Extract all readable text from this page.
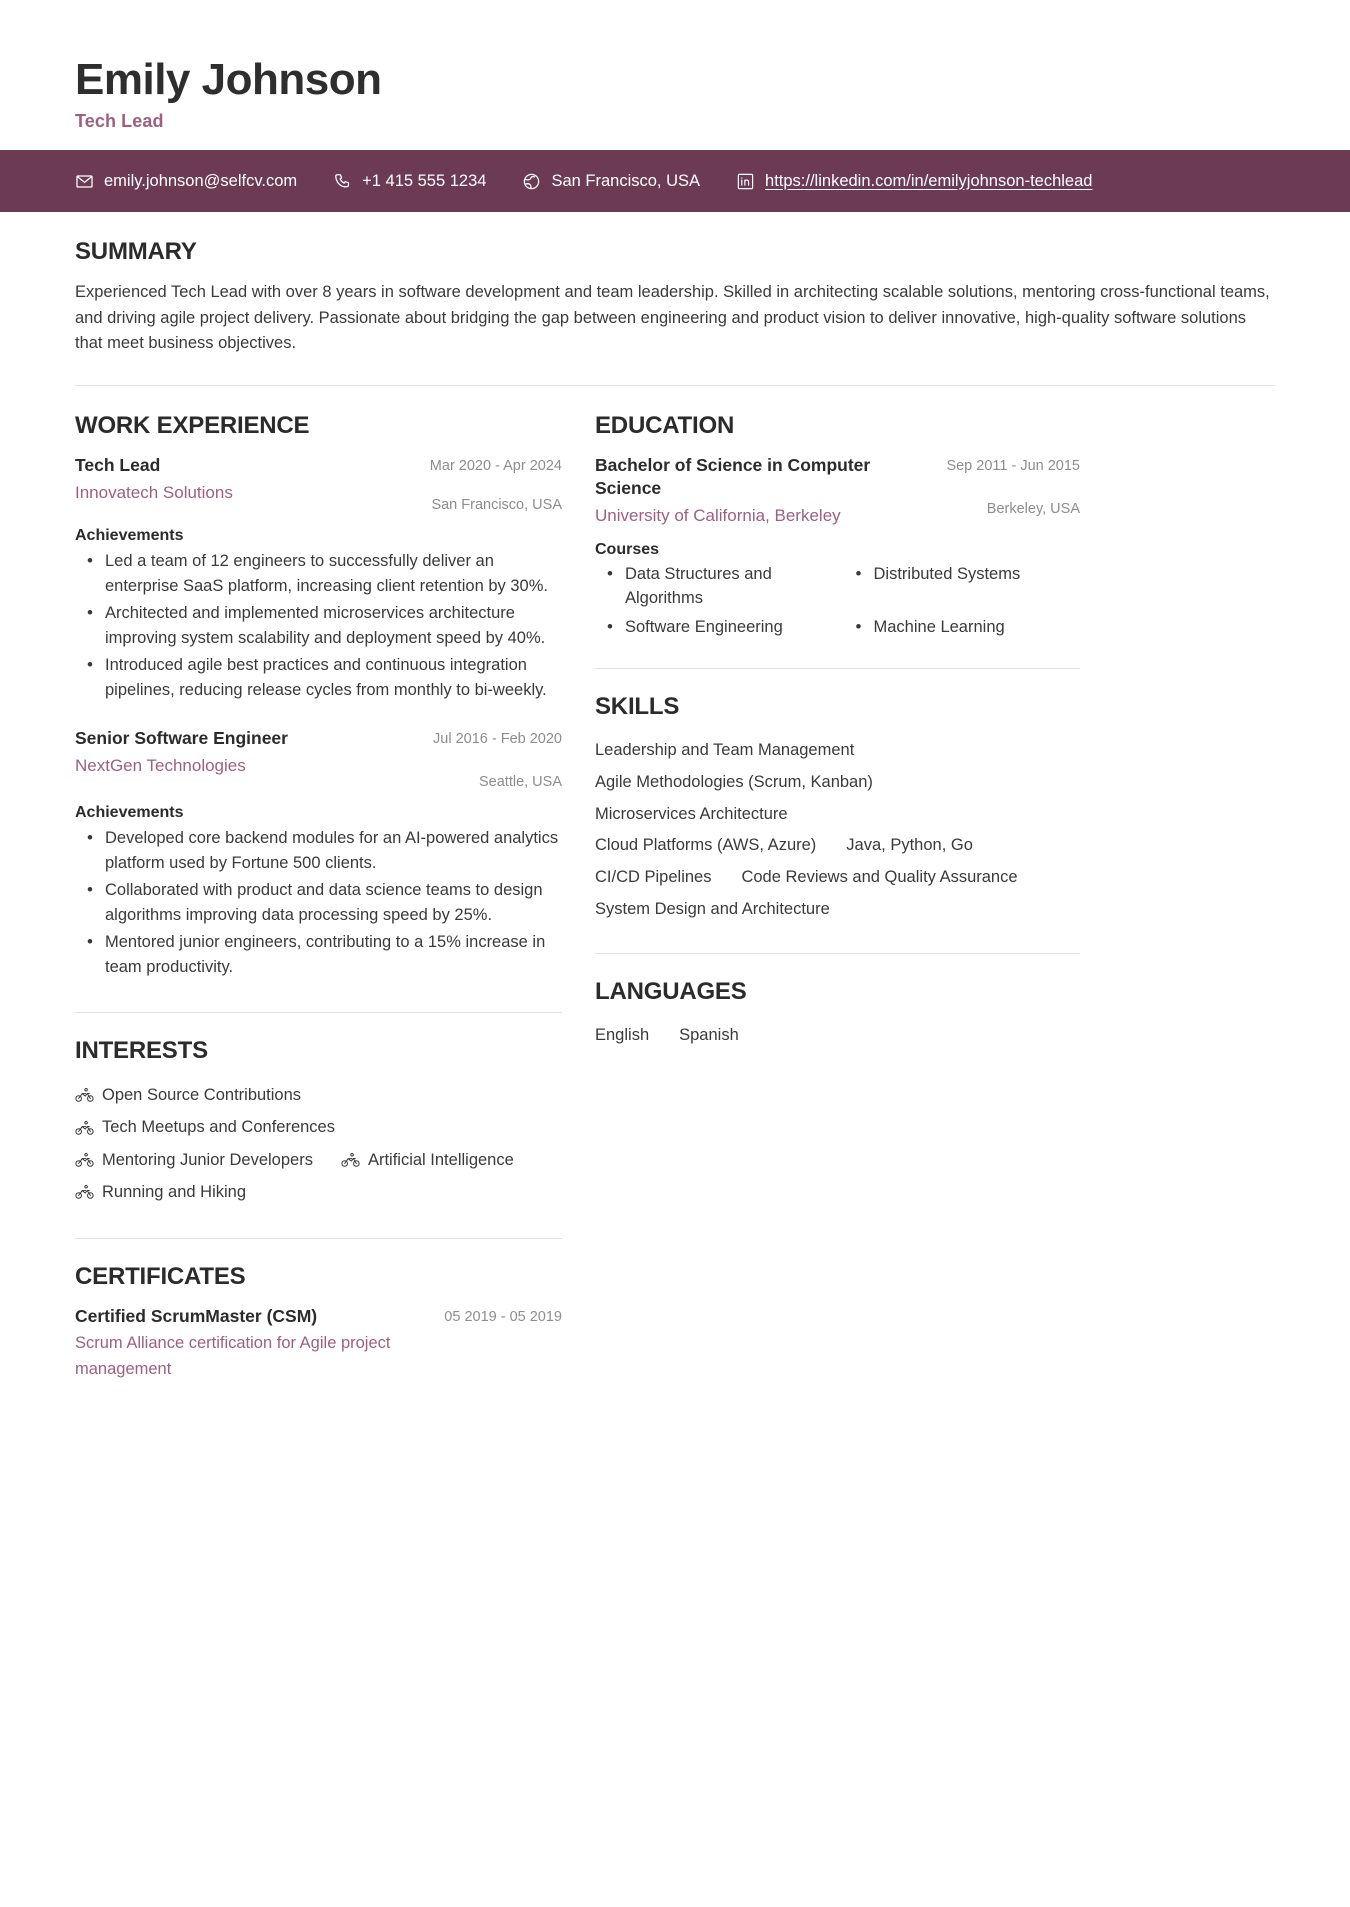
Emily Johnson
Tech Lead
emily.johnson@selfcv.com	+1 415 555 1234	San Francisco, USA	https://linkedin.com/in/emilyjohnson-techlead
SUMMARY

Experienced Tech Lead with over 8 years in software development and team leadership. Skilled in architecting scalable solutions, mentoring cross-functional teams, and driving agile project delivery. Passionate about bridging the gap between engineering and product vision to deliver innovative, high-quality software solutions that meet business objectives.

WORK EXPERIENCE
Tech Lead
Innovatech Solutions
Mar 2020 - Apr 2024
San Francisco, USA
Achievements
• Led a team of 12 engineers to successfully deliver an enterprise SaaS platform, increasing client retention by 30%.
• Architected and implemented microservices architecture improving system scalability and deployment speed by 40%.
• Introduced agile best practices and continuous integration pipelines, reducing release cycles from monthly to bi-weekly.
Senior Software Engineer
NextGen Technologies
Jul 2016 - Feb 2020
Seattle, USA
Achievements
• Developed core backend modules for an AI-powered analytics platform used by Fortune 500 clients.
• Collaborated with product and data science teams to design algorithms improving data processing speed by 25%.
• Mentored junior engineers, contributing to a 15% increase in team productivity.
INTERESTS
Open Source Contributions
Tech Meetups and Conferences
Mentoring Junior Developers	Artificial Intelligence
Running and Hiking
CERTIFICATES
Certified ScrumMaster (CSM)	05 2019 - 05 2019
Scrum Alliance certification for Agile project management
EDUCATION
Bachelor of Science in Computer Science
University of California, Berkeley
Sep 2011 - Jun 2015
Berkeley, USA
Courses
• Data Structures and Algorithms
• Distributed Systems
• Software Engineering	• Machine Learning
SKILLS
Leadership and Team Management
Agile Methodologies (Scrum, Kanban)
Microservices Architecture
Cloud Platforms (AWS, Azure) Java, Python, Go
CI/CD Pipelines Code Reviews and Quality Assurance
System Design and Architecture
LANGUAGES
English Spanish
